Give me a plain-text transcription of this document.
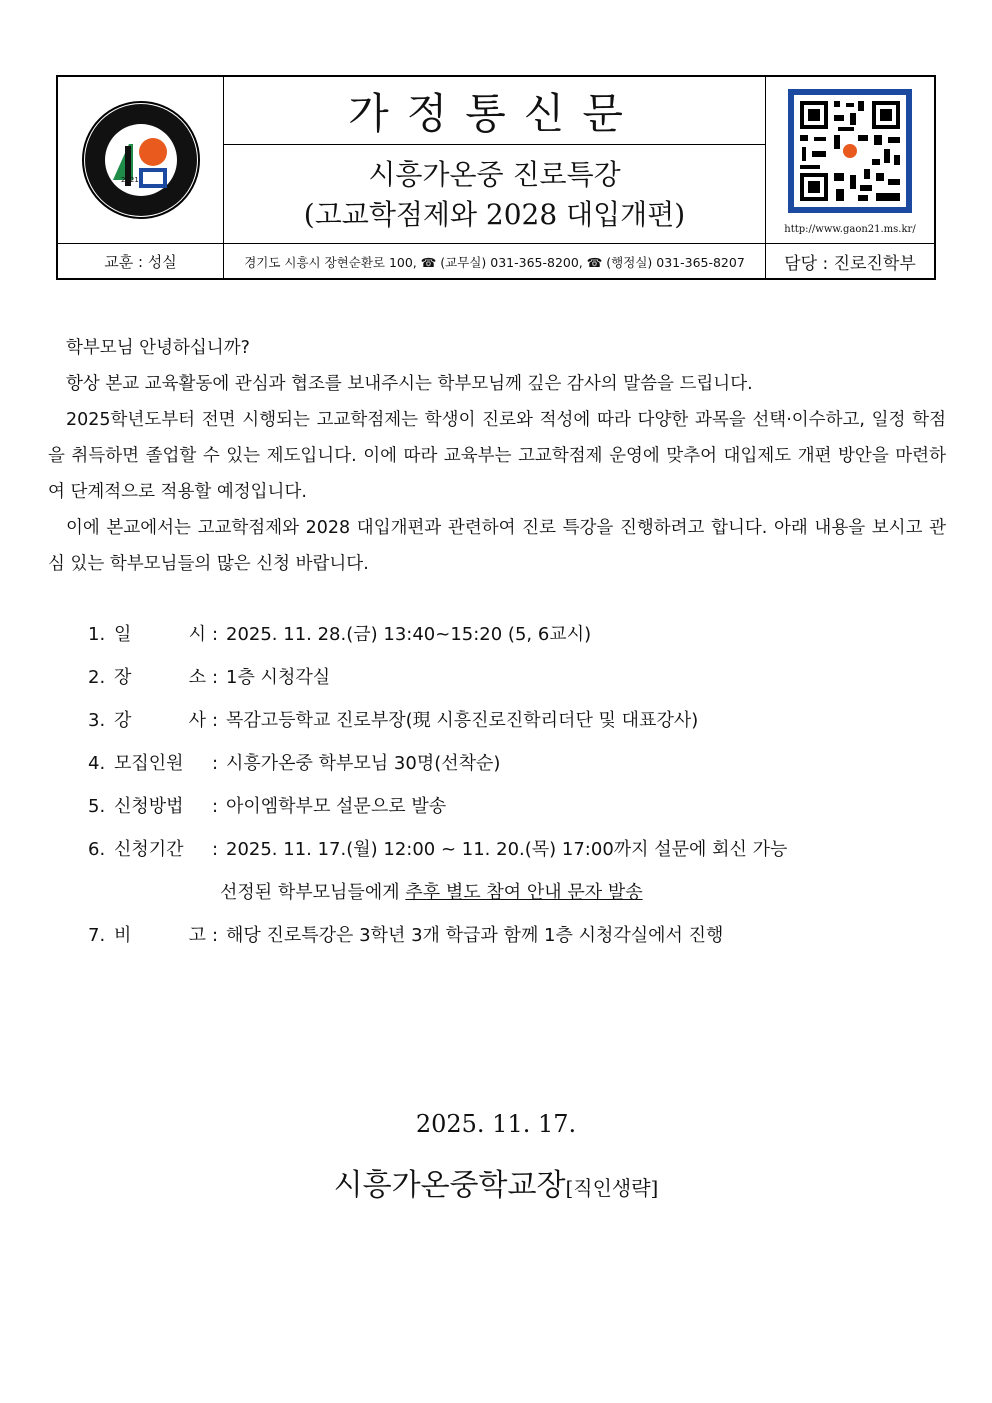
2021
가정통신문
시흥가온중 진로특강
(고교학점제와 2028 대입개편)	http://www.gaon21.ms.kr/
교훈 : 성실	경기도 시흥시 장현순환로 100, ☎ (교무실) 031-365-8200, ☎ (행정실) 031-365-8207	담당 : 진로진학부

학부모님 안녕하십니까?

항상 본교 교육활동에 관심과 협조를 보내주시는 학부모님께 깊은 감사의 말씀을 드립니다.

2025학년도부터 전면 시행되는 고교학점제는 학생이 진로와 적성에 따라 다양한 과목을 선택·이수하고, 일정 학점을 취득하면 졸업할 수 있는 제도입니다. 이에 따라 교육부는 고교학점제 운영에 맞추어 대입제도 개편 방안을 마련하여 단계적으로 적용할 예정입니다.

이에 본교에서는 고교학점제와 2028 대입개편과 관련하여 진로 특강을 진행하려고 합니다. 아래 내용을 보시고 관심 있는 학부모님들의 많은 신청 바랍니다.

1. 일	시 : 2025. 11. 28.(금) 13:40~15:20 (5, 6교시)
2. 장	소 : 1층 시청각실
3. 강	사 : 목감고등학교 진로부장(現 시흥진로진학리더단 및 대표강사)
4. 모집인원 : 시흥가온중 학부모님 30명(선착순)
5. 신청방법 : 아이엠학부모 설문으로 발송
6. 신청기간 : 2025. 11. 17.(월) 12:00 ~ 11. 20.(목) 17:00까지 설문에 회신 가능
선정된 학부모님들에게 추후 별도 참여 안내 문자 발송
7. 비	고 : 해당 진로특강은 3학년 3개 학급과 함께 1층 시청각실에서 진행
2025. 11. 17.
시흥가온중학교장[직인생략]
